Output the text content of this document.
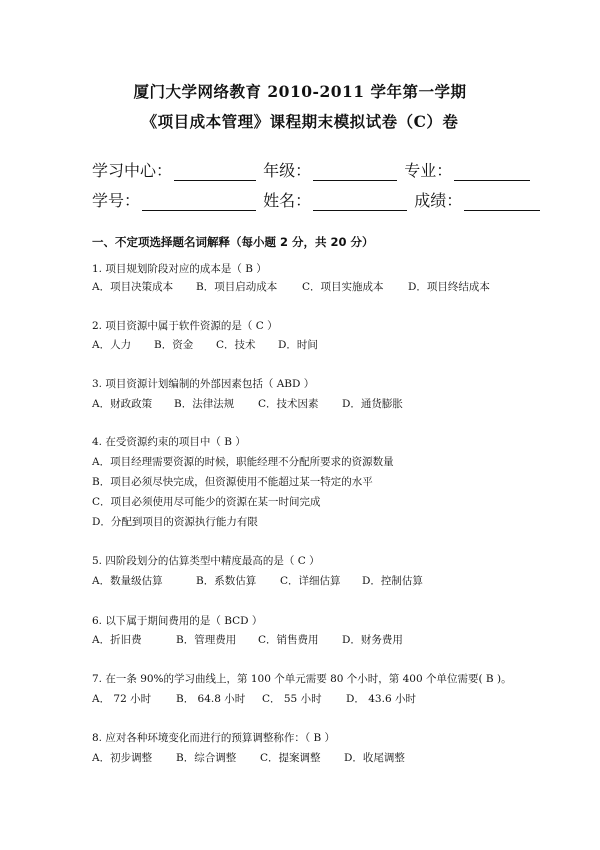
厦门大学网络教育 2010-2011 学年第一学期
《项目成本管理》课程期末模拟试卷（C）卷
学习中心：	年级：	专业：
学号：	姓名：	成绩：
一、不定项选择题名词解释（每小题 2 分，共 20 分）
1. 项目规划阶段对应的成本是（ B ）
A．项目决策成本 B．项目启动成本 C．项目实施成本 D．项目终结成本
2. 项目资源中属于软件资源的是（ C ）
A．人力 B．资金 C．技术 D．时间
3. 项目资源计划编制的外部因素包括（ ABD ）
A．财政政策 B．法律法规 C．技术因素 D．通货膨胀
4. 在受资源约束的项目中（ B ）
A．项目经理需要资源的时候，职能经理不分配所要求的资源数量
B．项目必须尽快完成，但资源使用不能超过某一特定的水平
C．项目必须使用尽可能少的资源在某一时间完成
D．分配到项目的资源执行能力有限
5. 四阶段划分的估算类型中精度最高的是（ C ）
A．数量级估算	B．系数估算 C．详细估算 D．控制估算
6. 以下属于期间费用的是（ BCD ）
A．折旧费	B．管理费用 C．销售费用 D．财务费用
7. 在一条 90%的学习曲线上，第 100 个单元需要 80 个小时，第 400 个单位需要( B )。
A． 72 小时 B． 64.8 小时 C． 55 小时 D． 43.6 小时
8. 应对各种环境变化而进行的预算调整称作：（ B ）
A．初步调整 B．综合调整 C．提案调整 D．收尾调整
